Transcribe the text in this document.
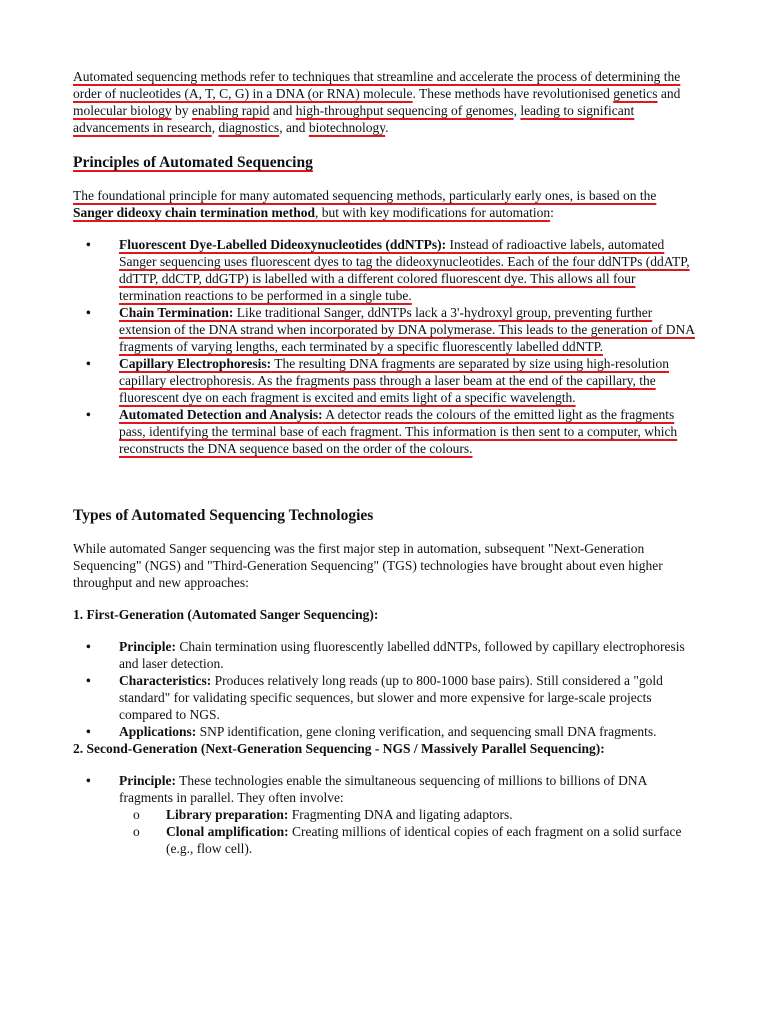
Automated sequencing methods refer to techniques that streamline and accelerate the process of determining the order of nucleotides (A, T, C, G) in a DNA (or RNA) molecule. These methods have revolutionised genetics and molecular biology by enabling rapid and high-throughput sequencing of genomes, leading to significant advancements in research, diagnostics, and biotechnology.

Principles of Automated Sequencing

The foundational principle for many automated sequencing methods, particularly early ones, is based on the Sanger dideoxy chain termination method, but with key modifications for automation:

• Fluorescent Dye-Labelled Dideoxynucleotides (ddNTPs): Instead of radioactive labels, automated Sanger sequencing uses fluorescent dyes to tag the dideoxynucleotides. Each of the four ddNTPs (ddATP, ddTTP, ddCTP, ddGTP) is labelled with a different colored fluorescent dye. This allows all four termination reactions to be performed in a single tube.
• Chain Termination: Like traditional Sanger, ddNTPs lack a 3'-hydroxyl group, preventing further extension of the DNA strand when incorporated by DNA polymerase. This leads to the generation of DNA fragments of varying lengths, each terminated by a specific fluorescently labelled ddNTP.
• Capillary Electrophoresis: The resulting DNA fragments are separated by size using high-resolution capillary electrophoresis. As the fragments pass through a laser beam at the end of the capillary, the fluorescent dye on each fragment is excited and emits light of a specific wavelength.
• Automated Detection and Analysis: A detector reads the colours of the emitted light as the fragments pass, identifying the terminal base of each fragment. This information is then sent to a computer, which reconstructs the DNA sequence based on the order of the colours.
Types of Automated Sequencing Technologies

While automated Sanger sequencing was the first major step in automation, subsequent "Next-Generation Sequencing" (NGS) and "Third-Generation Sequencing" (TGS) technologies have brought about even higher throughput and new approaches:

1. First-Generation (Automated Sanger Sequencing):
• Principle: Chain termination using fluorescently labelled ddNTPs, followed by capillary electrophoresis and laser detection.
• Characteristics: Produces relatively long reads (up to 800-1000 base pairs). Still considered a "gold standard" for validating specific sequences, but slower and more expensive for large-scale projects compared to NGS.
• Applications: SNP identification, gene cloning verification, and sequencing small DNA fragments.
2. Second-Generation (Next-Generation Sequencing - NGS / Massively Parallel Sequencing):
• Principle: These technologies enable the simultaneous sequencing of millions to billions of DNA fragments in parallel. They often involve:
o Library preparation: Fragmenting DNA and ligating adaptors.
o Clonal amplification: Creating millions of identical copies of each fragment on a solid surface (e.g., flow cell).
